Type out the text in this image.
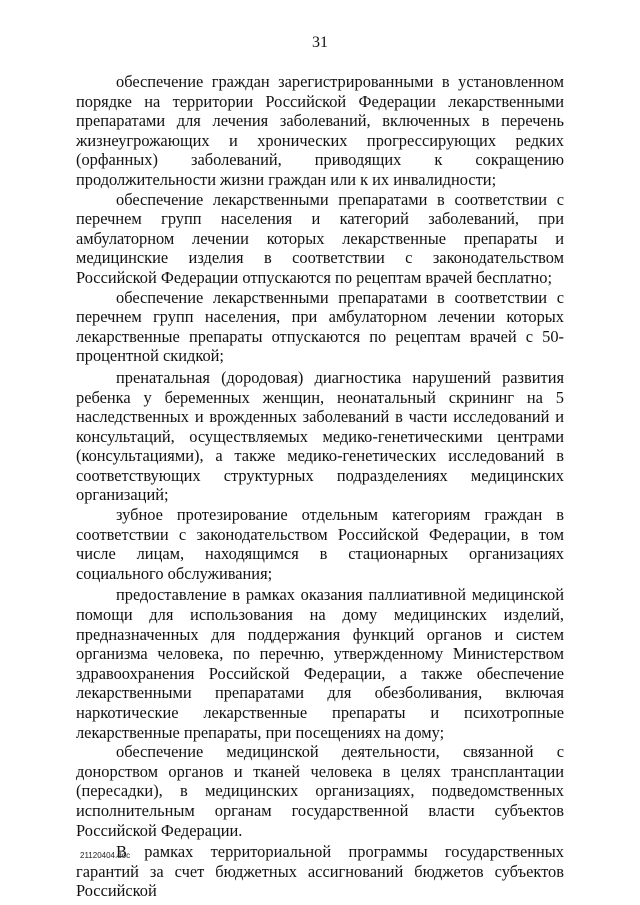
31

обеспечение граждан зарегистрированными в установленном порядке на территории Российской Федерации лекарственными препаратами для лечения заболеваний, включенных в перечень жизнеугрожающих и хронических прогрессирующих редких (орфанных) заболеваний, приводящих к сокращению продолжительности жизни граждан или к их инвалидности;

обеспечение лекарственными препаратами в соответствии с перечнем групп населения и категорий заболеваний, при амбулаторном лечении которых лекарственные препараты и медицинские изделия в соответствии с законодательством Российской Федерации отпускаются по рецептам врачей бесплатно;

обеспечение лекарственными препаратами в соответствии с перечнем групп населения, при амбулаторном лечении которых лекарственные препараты отпускаются по рецептам врачей с 50-процентной скидкой;

пренатальная (дородовая) диагностика нарушений развития ребенка у беременных женщин, неонатальный скрининг на 5 наследственных и врожденных заболеваний в части исследований и консультаций, осуществляемых медико-генетическими центрами (консультациями), а также медико-генетических исследований в соответствующих структурных подразделениях медицинских организаций;

зубное протезирование отдельным категориям граждан в соответствии с законодательством Российской Федерации, в том числе лицам, находящимся в стационарных организациях социального обслуживания;

предоставление в рамках оказания паллиативной медицинской помощи для использования на дому медицинских изделий, предназначенных для поддержания функций органов и систем организма человека, по перечню, утвержденному Министерством здравоохранения Российской Федерации, а также обеспечение лекарственными препаратами для обезболивания, включая наркотические лекарственные препараты и психотропные лекарственные препараты, при посещениях на дому;

обеспечение медицинской деятельности, связанной с донорством органов и тканей человека в целях трансплантации (пересадки), в медицинских организациях, подведомственных исполнительным органам государственной власти субъектов Российской Федерации.

В рамках территориальной программы государственных гарантий за счет бюджетных ассигнований бюджетов субъектов Российской

21120404.doc
